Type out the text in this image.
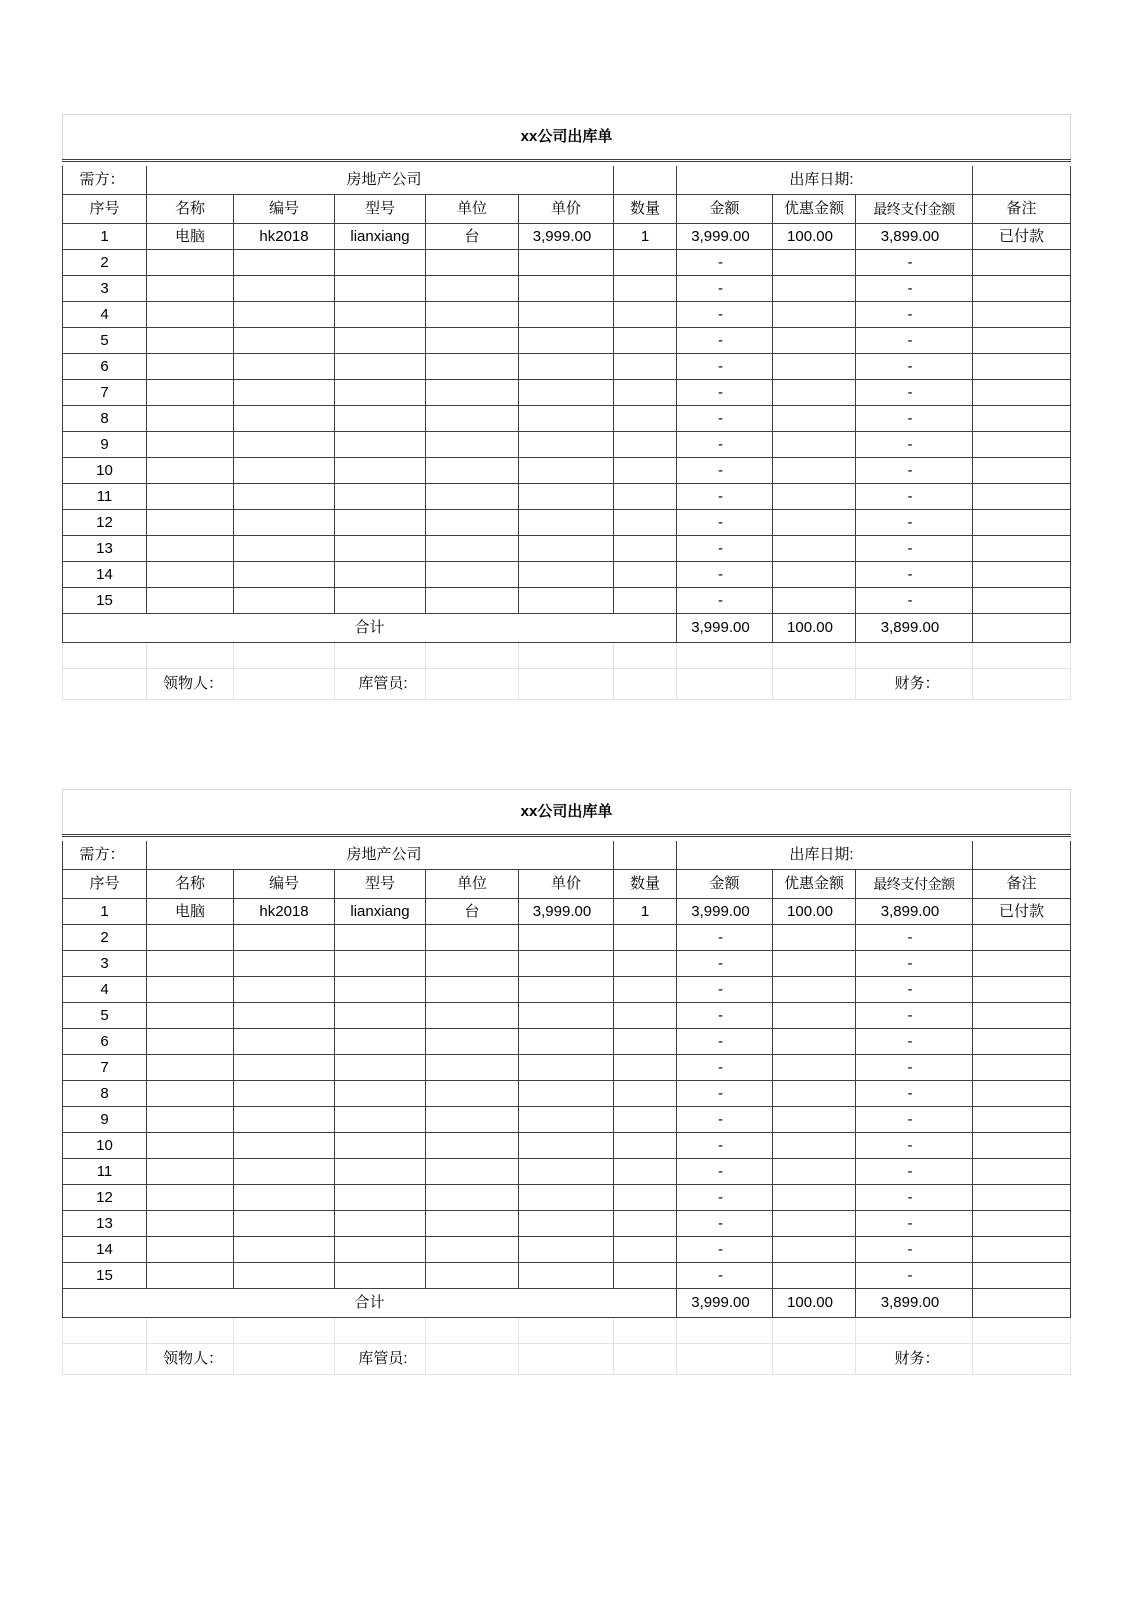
xx公司出库单										

需方：	房地产公司						出库日期:			
序号	名称	编号	型号	单位	单价	数量	金额	优惠金额	最终支付金额	备注
1	电脑	hk2018	lianxiang	台	3,999.00	1	3,999.00	100.00	3,899.00	已付款
2							-		-	
3							-		-	
4							-		-	
5							-		-	
6							-		-	
7							-		-	
8							-		-	
9							-		-	
10							-		-	
11							-		-	
12							-		-	
13							-		-	
14							-		-	
15							-		-	
合计							3,999.00	100.00	3,899.00	

	领物人：		库管员:						财务：	
xx公司出库单										

需方：	房地产公司						出库日期:			
序号	名称	编号	型号	单位	单价	数量	金额	优惠金额	最终支付金额	备注
1	电脑	hk2018	lianxiang	台	3,999.00	1	3,999.00	100.00	3,899.00	已付款
2							-		-	
3							-		-	
4							-		-	
5							-		-	
6							-		-	
7							-		-	
8							-		-	
9							-		-	
10							-		-	
11							-		-	
12							-		-	
13							-		-	
14							-		-	
15							-		-	
合计							3,999.00	100.00	3,899.00	

	领物人：		库管员:						财务：	
